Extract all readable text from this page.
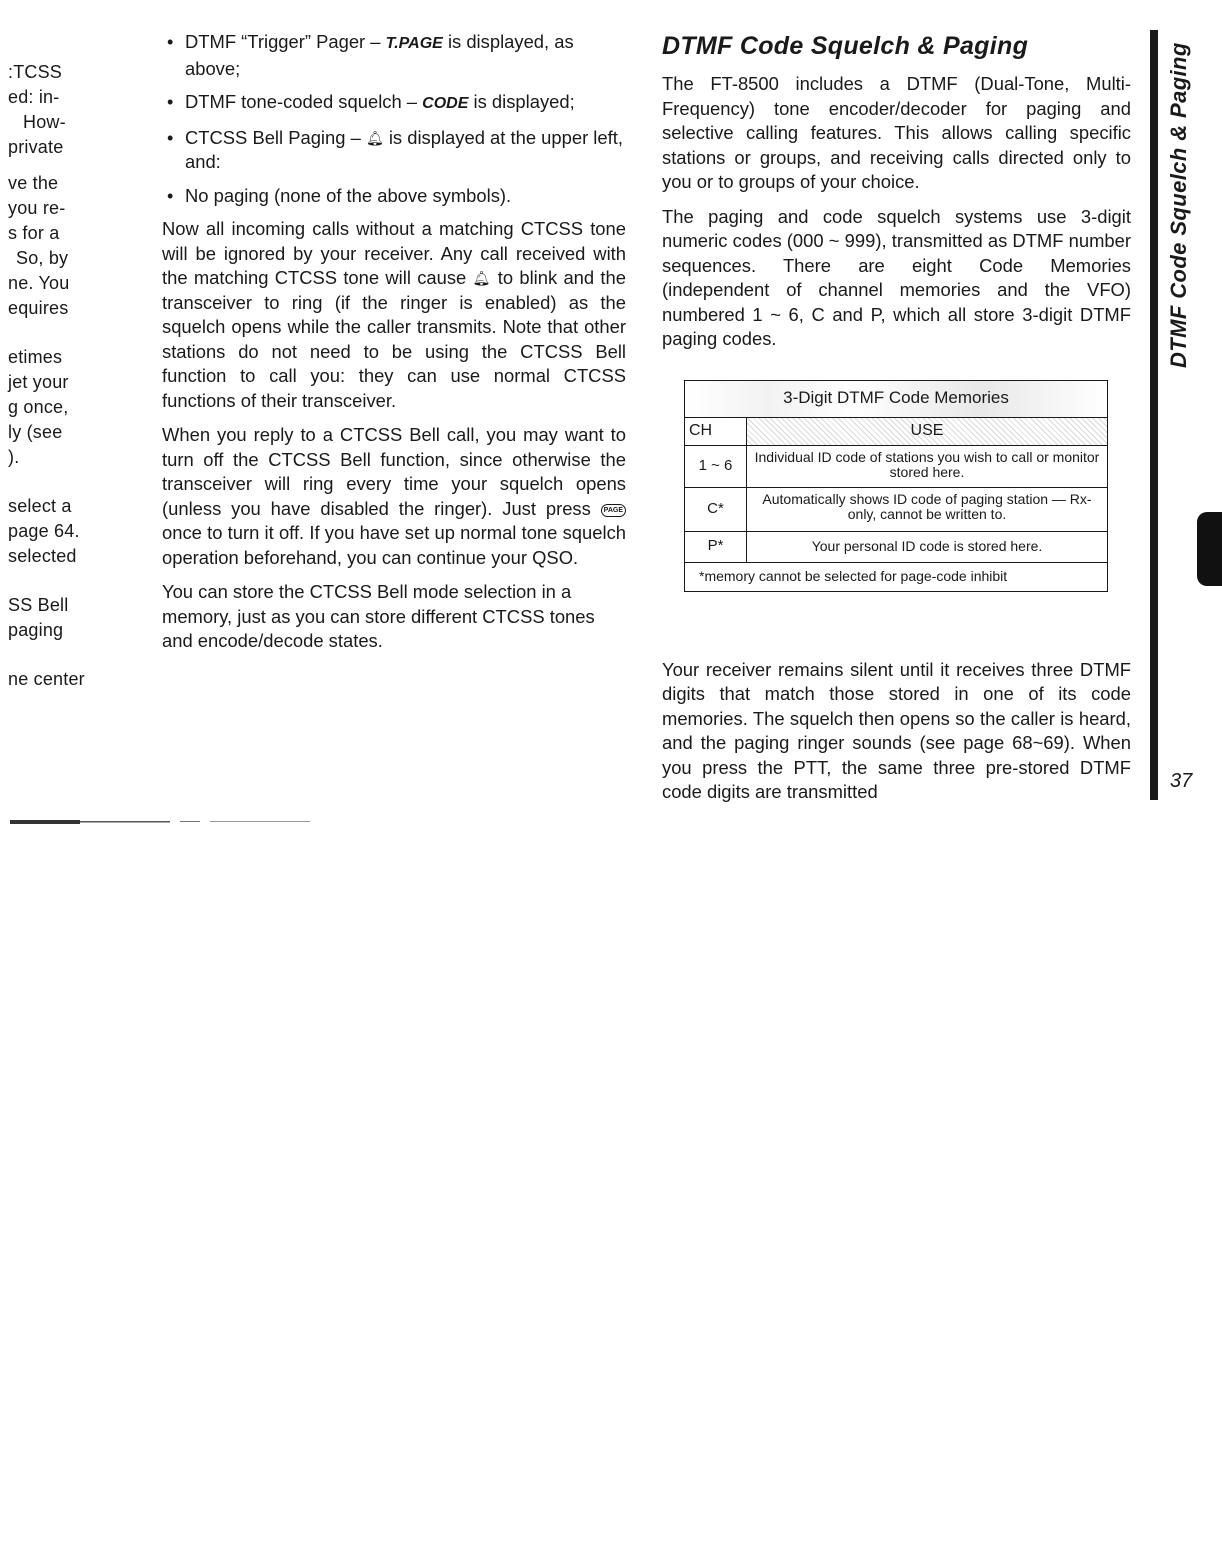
:TCSS
ed: in-
How-
private
ve the
you re-
s for a
So, by
ne. You
equires
etimes
jet your
g once,
ly (see
).
select a
page 64.
selected
SS Bell
paging
ne center
• DTMF “Trigger” Pager – T.PAGE is displayed, as above;
• DTMF tone-coded squelch – CODE is displayed;
• CTCSS Bell Paging – 🔔︎ is displayed at the upper left, and:
• No paging (none of the above symbols).

Now all incoming calls without a matching CTCSS tone will be ignored by your receiver. Any call received with the matching CTCSS tone will cause 🔔︎ to blink and the transceiver to ring (if the ringer is enabled) as the squelch opens while the caller transmits. Note that other stations do not need to be using the CTCSS Bell function to call you: they can use normal CTCSS functions of their transceiver.

When you reply to a CTCSS Bell call, you may want to turn off the CTCSS Bell function, since otherwise the transceiver will ring every time your squelch opens (unless you have disabled the ringer). Just press PAGE once to turn it off. If you have set up normal tone squelch operation beforehand, you can continue your QSO.

You can store the CTCSS Bell mode selection in a memory, just as you can store different CTCSS tones and encode/decode states.

DTMF Code Squelch & Paging

The FT-8500 includes a DTMF (Dual-Tone, Multi-Frequency) tone encoder/decoder for paging and selective calling features. This allows calling specific stations or groups, and receiving calls directed only to you or to groups of your choice.

The paging and code squelch systems use 3-digit numeric codes (000 ~ 999), transmitted as DTMF number sequences. There are eight Code Memories (independent of channel memories and the VFO) numbered 1 ~ 6, C and P, which all store 3-digit DTMF paging codes.

3-Digit DTMF Code Memories
CH	USE
1 ~ 6
Individual ID code of stations you wish to call or monitor stored here.
C*
Automatically shows ID code of paging station — Rx-only, cannot be written to.
P*	Your personal ID code is stored here.
*memory cannot be selected for page-code inhibit

Your receiver remains silent until it receives three DTMF digits that match those stored in one of its code memories. The squelch then opens so the caller is heard, and the paging ringer sounds (see page 68~69). When you press the PTT, the same three pre-stored DTMF code digits are transmitted

DTMF Code Squelch & Paging
37
